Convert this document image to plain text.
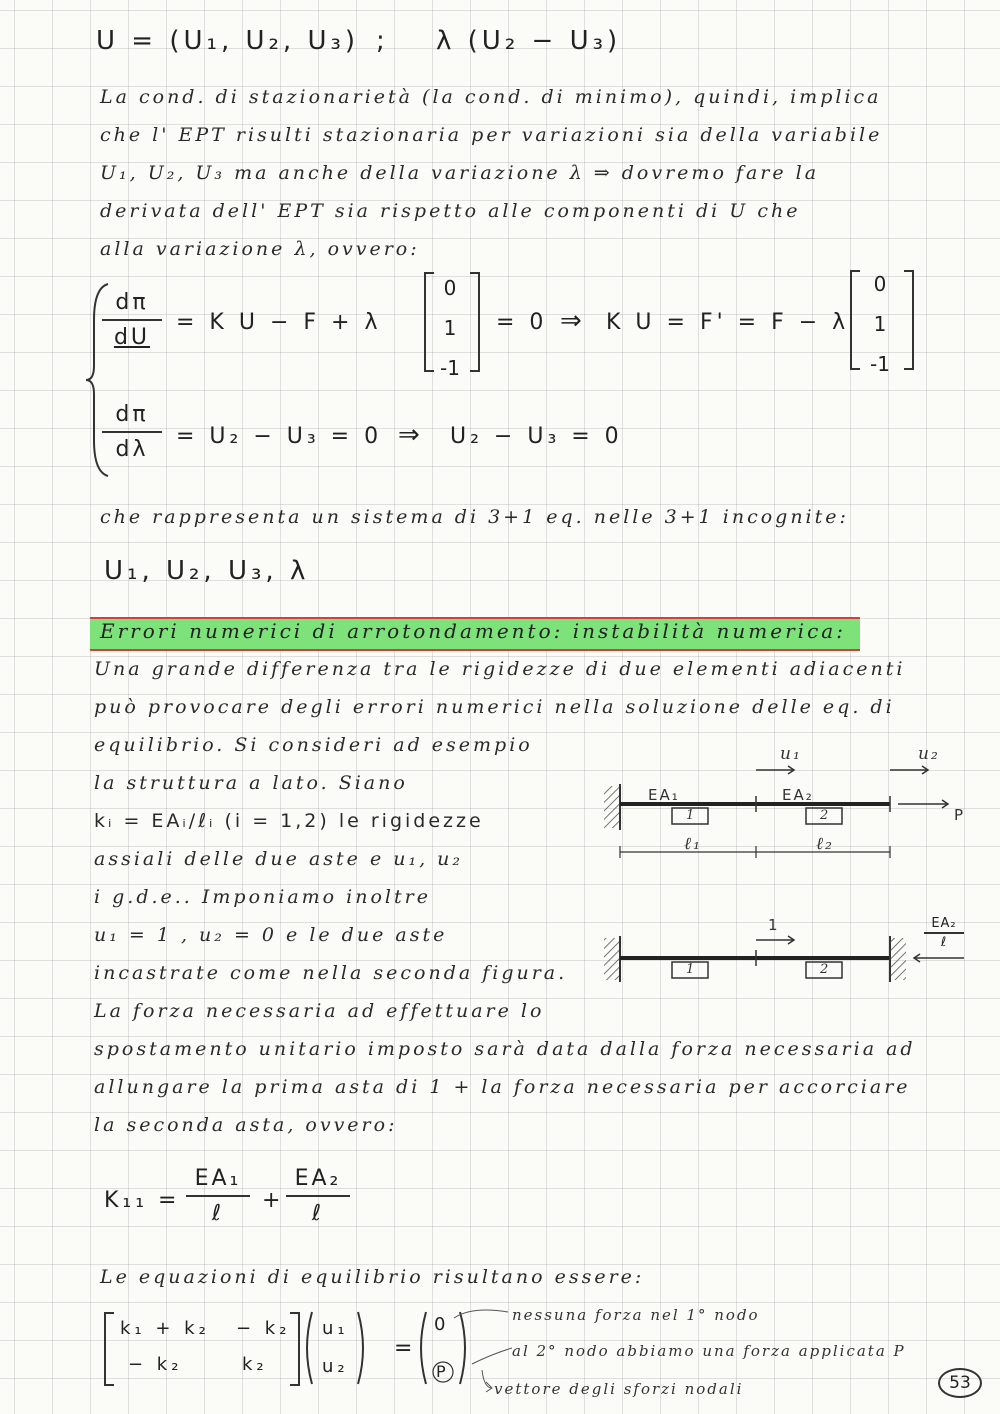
U = (U₁, U₂, U₃) ; λ (U₂ − U₃)
La cond. di stazionarietà (la cond. di minimo), quindi, implica
che l' EPT risulti stazionaria per variazioni sia della variabile
U₁, U₂, U₃ ma anche della variazione λ ⇒ dovremo fare la
derivata dell' EPT sia rispetto alle componenti di U che
alla variazione λ, ovvero:
dπ
dU
= K U − F + λ
0
1
-1
= 0 ⇒ K U = F' = F − λ
0
1
-1
dπ
dλ
= U₂ − U₃ = 0 ⇒ U₂ − U₃ = 0
che rappresenta un sistema di 3+1 eq. nelle 3+1 incognite:
U₁, U₂, U₃, λ
Errori numerici di arrotondamento: instabilità numerica:
Una grande differenza tra le rigidezze di due elementi adiacenti
può provocare degli errori numerici nella soluzione delle eq. di
equilibrio. Si consideri ad esempio
la struttura a lato. Siano
kᵢ = EAᵢ/ℓᵢ (i = 1,2) le rigidezze
assiali delle due aste e u₁, u₂
i g.d.e.. Imponiamo inoltre
u₁ = 1 , u₂ = 0 e le due aste
incastrate come nella seconda figura.
La forza necessaria ad effettuare lo
spostamento unitario imposto sarà data dalla forza necessaria ad
allungare la prima asta di 1 + la forza necessaria per accorciare
la seconda asta, ovvero:
u₁	u₂
EA₁	EA₂
1	2
ℓ₁	ℓ₂
P
1
1	2
EA₂
ℓ
K₁₁ =
EA₁
ℓ
+
EA₂
ℓ
Le equazioni di equilibrio risultano essere:
k₁ + k₂ − k₂
− k₂	k₂
u₁
u₂
=
0
P
nessuna forza nel 1° nodo
al 2° nodo abbiamo una forza applicata P
vettore degli sforzi nodali	53
